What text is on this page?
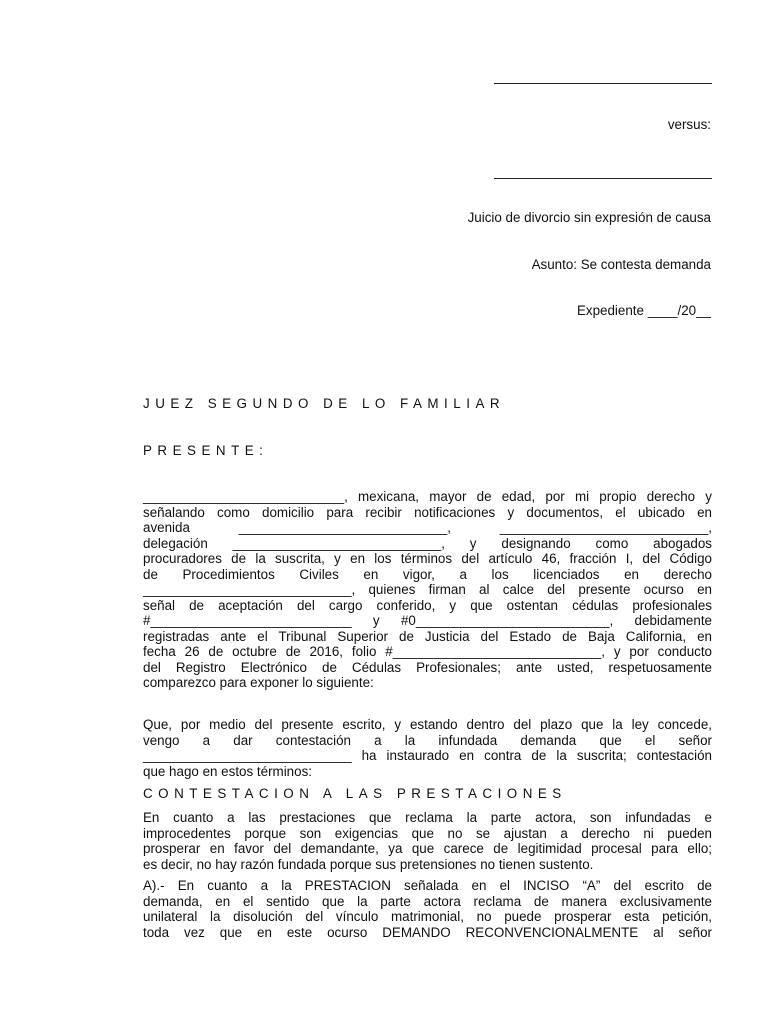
versus:
Juicio de divorcio sin expresión de causa
Asunto: Se contesta demanda
Expediente ____/20__
JUEZ SEGUNDO DE LO FAMILIAR
PRESENTE:
___________________________, mexicana, mayor de edad, por mi propio derecho y
señalando como domicilio para recibir notificaciones y documentos, el ubicado en
avenida ____________________________, ____________________________,
delegación ____________________________, y designando como abogados
procuradores de la suscrita, y en los términos del artículo 46, fracción I, del Código
de Procedimientos Civiles en vigor, a los licenciados en derecho
____________________________, quienes firman al calce del presente ocurso en
señal de aceptación del cargo conferido, y que ostentan cédulas profesionales
#___________________________ y #0__________________________, debidamente
registradas ante el Tribunal Superior de Justicia del Estado de Baja California, en
fecha 26 de octubre de 2016, folio #____________________________, y por conducto
del Registro Electrónico de Cédulas Profesionales; ante usted, respetuosamente
comparezco para exponer lo siguiente:
Que, por medio del presente escrito, y estando dentro del plazo que la ley concede,
vengo a dar contestación a la infundada demanda que el señor
____________________________ ha instaurado en contra de la suscrita; contestación
que hago en estos términos:
CONTESTACION A LAS PRESTACIONES
En cuanto a las prestaciones que reclama la parte actora, son infundadas e
improcedentes porque son exigencias que no se ajustan a derecho ni pueden
prosperar en favor del demandante, ya que carece de legitimidad procesal para ello;
es decir, no hay razón fundada porque sus pretensiones no tienen sustento.
A).- En cuanto a la PRESTACION señalada en el INCISO “A” del escrito de
demanda, en el sentido que la parte actora reclama de manera exclusivamente
unilateral la disolución del vínculo matrimonial, no puede prosperar esta petición,
toda vez que en este ocurso DEMANDO RECONVENCIONALMENTE al señor
